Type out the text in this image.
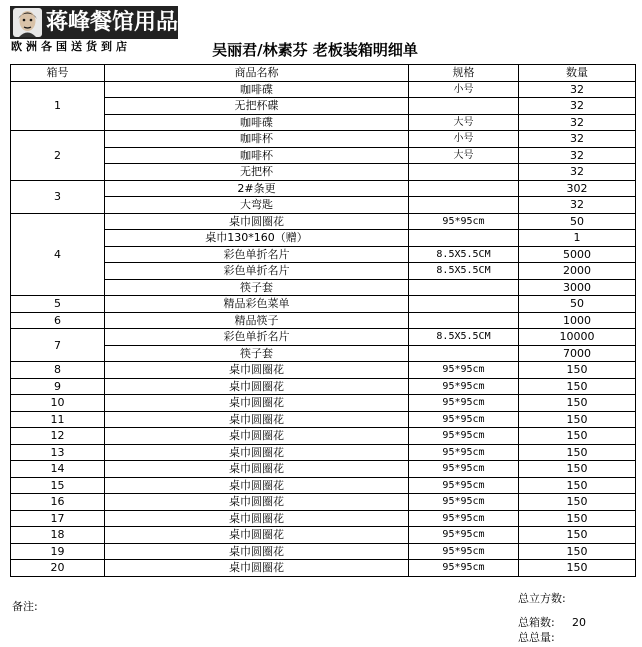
蒋峰餐馆用品
欧洲各国送货到店	吴丽君/林素芬 老板装箱明细单
箱号	商品名称	规格	数量
1	咖啡碟	小号	32
	无把杯碟		32
	咖啡碟	大号	32
2	咖啡杯	小号	32
	咖啡杯	大号	32
	无把杯		32
3	2#条更		302
	大弯匙		32
4	桌巾圆圈花	95*95cm	50
	桌巾130*160（赠）		1
	彩色单折名片	8.5X5.5CM	5000
	彩色单折名片	8.5X5.5CM	2000
	筷子套		3000
5	精品彩色菜单		50
6	精品筷子		1000
7	彩色单折名片	8.5X5.5CM	10000
	筷子套		7000
8	桌巾圆圈花	95*95cm	150
9	桌巾圆圈花	95*95cm	150
10	桌巾圆圈花	95*95cm	150
11	桌巾圆圈花	95*95cm	150
12	桌巾圆圈花	95*95cm	150
13	桌巾圆圈花	95*95cm	150
14	桌巾圆圈花	95*95cm	150
15	桌巾圆圈花	95*95cm	150
16	桌巾圆圈花	95*95cm	150
17	桌巾圆圈花	95*95cm	150
18	桌巾圆圈花	95*95cm	150
19	桌巾圆圈花	95*95cm	150
20	桌巾圆圈花	95*95cm	150
备注:
总立方数:
总箱数: 20
总总量:
